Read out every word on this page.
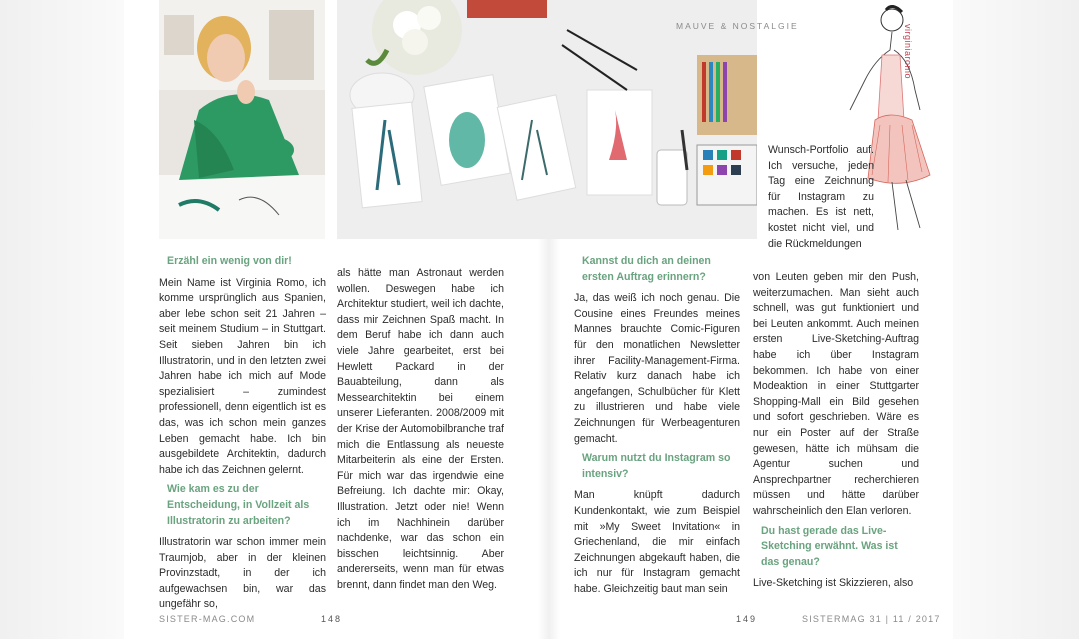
virginiaromo
MAUVE & NOSTALGIE
Erzähl ein wenig von dir!

Mein Name ist Virginia Romo, ich komme ursprünglich aus Spanien, aber lebe schon seit 21 Jahren – seit meinem Studium – in Stuttgart. Seit sieben Jahren bin ich Illustratorin, und in den letzten zwei Jahren habe ich mich auf Mode spezialisiert – zumindest professionell, denn eigentlich ist es das, was ich schon mein ganzes Leben gemacht habe. Ich bin ausgebildete Architektin, dadurch habe ich das Zeichnen gelernt.

Wie kam es zu der
Entscheidung, in Vollzeit als
Illustratorin zu arbeiten?

Illustratorin war schon immer mein Traumjob, aber in der kleinen Provinzstadt, in der ich aufgewachsen bin, war das ungefähr so,

als hätte man Astronaut werden wollen. Deswegen habe ich Architektur studiert, weil ich dachte, dass mir Zeichnen Spaß macht. In dem Beruf habe ich dann auch viele Jahre gearbeitet, erst bei Hewlett Packard in der Bauabteilung, dann als Messearchitektin bei einem unserer Lieferanten. 2008/2009 mit der Krise der Automobilbranche traf mich die Entlassung als neueste Mitarbeiterin als eine der Ersten. Für mich war das irgendwie eine Befreiung. Ich dachte mir: Okay, Illustration. Jetzt oder nie! Wenn ich im Nachhinein darüber nachdenke, war das schon ein bisschen leichtsinnig. Aber andererseits, wenn man für etwas brennt, dann findet man den Weg.

Kannst du dich an deinen
ersten Auftrag erinnern?

Ja, das weiß ich noch genau. Die Cousine eines Freundes meines Mannes brauchte Comic-Figuren für den monatlichen Newsletter ihrer Facility-Management-Firma. Relativ kurz danach habe ich angefangen, Schulbücher für Klett zu illustrieren und habe viele Zeichnungen für Werbeagenturen gemacht.

Warum nutzt du Instagram so
intensiv?

Man knüpft dadurch Kundenkontakt, wie zum Beispiel mit »My Sweet Invitation« in Griechenland, die mir einfach Zeichnungen abgekauft haben, die ich nur für Instagram gemacht habe. Gleichzeitig baut man sein

Wunsch-Portfolio auf. Ich versuche, jeden Tag eine Zeichnung für Instagram zu machen. Es ist nett, kostet nicht viel, und die Rückmeldungen

von Leuten geben mir den Push, weiterzumachen. Man sieht auch schnell, was gut funktioniert und bei Leuten ankommt. Auch meinen ersten Live-Sketching-Auftrag habe ich über Instagram bekommen. Ich habe von einer Modeaktion in einer Stuttgarter Shopping-Mall ein Bild gesehen und sofort geschrieben. Wäre es nur ein Poster auf der Straße gewesen, hätte ich mühsam die Agentur suchen und Ansprechpartner recherchieren müssen und hätte darüber wahrscheinlich den Elan verloren.

Du hast gerade das Live-
Sketching erwähnt. Was ist
das genau?

Live-Sketching ist Skizzieren, also

SISTER-MAG.COM	148	149	SISTERMAG 31 | 11 / 2017
